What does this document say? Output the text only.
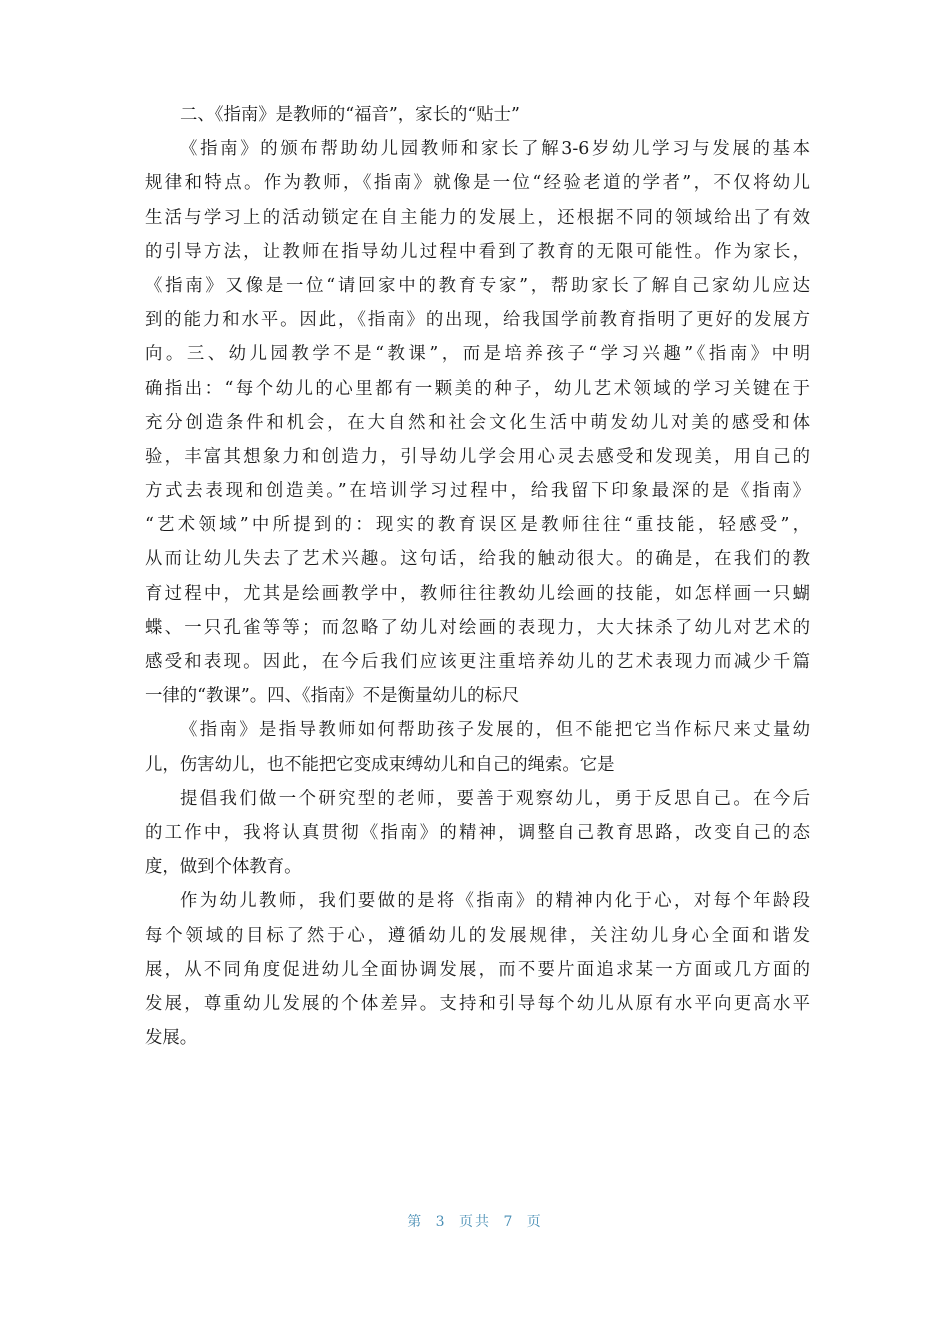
二、《指南》是教师的“福音”，家长的“贴士”
《指南》的颁布帮助幼儿园教师和家长了解3-6岁幼儿学习与发展的基本
规律和特点。作为教师，《指南》就像是一位“经验老道的学者”，不仅将幼儿
生活与学习上的活动锁定在自主能力的发展上，还根据不同的领域给出了有效
的引导方法，让教师在指导幼儿过程中看到了教育的无限可能性。作为家长，
《指南》又像是一位“请回家中的教育专家”，帮助家长了解自己家幼儿应达
到的能力和水平。因此，《指南》的出现，给我国学前教育指明了更好的发展方
向。三、幼儿园教学不是“教课”，而是培养孩子“学习兴趣”《指南》中明
确指出：“每个幼儿的心里都有一颗美的种子，幼儿艺术领域的学习关键在于
充分创造条件和机会，在大自然和社会文化生活中萌发幼儿对美的感受和体
验，丰富其想象力和创造力，引导幼儿学会用心灵去感受和发现美，用自己的
方式去表现和创造美。”在培训学习过程中，给我留下印象最深的是《指南》
“艺术领域”中所提到的：现实的教育误区是教师往往“重技能，轻感受”，
从而让幼儿失去了艺术兴趣。这句话，给我的触动很大。的确是，在我们的教
育过程中，尤其是绘画教学中，教师往往教幼儿绘画的技能，如怎样画一只蝴
蝶、一只孔雀等等；而忽略了幼儿对绘画的表现力，大大抹杀了幼儿对艺术的
感受和表现。因此，在今后我们应该更注重培养幼儿的艺术表现力而减少千篇
一律的“教课”。四、《指南》不是衡量幼儿的标尺
《指南》是指导教师如何帮助孩子发展的，但不能把它当作标尺来丈量幼
儿，伤害幼儿，也不能把它变成束缚幼儿和自己的绳索。它是
提倡我们做一个研究型的老师，要善于观察幼儿，勇于反思自己。在今后
的工作中，我将认真贯彻《指南》的精神，调整自己教育思路，改变自己的态
度，做到个体教育。
作为幼儿教师，我们要做的是将《指南》的精神内化于心，对每个年龄段
每个领域的目标了然于心，遵循幼儿的发展规律，关注幼儿身心全面和谐发
展，从不同角度促进幼儿全面协调发展，而不要片面追求某一方面或几方面的
发展，尊重幼儿发展的个体差异。支持和引导每个幼儿从原有水平向更高水平
发展。
第 3 页共 7 页
